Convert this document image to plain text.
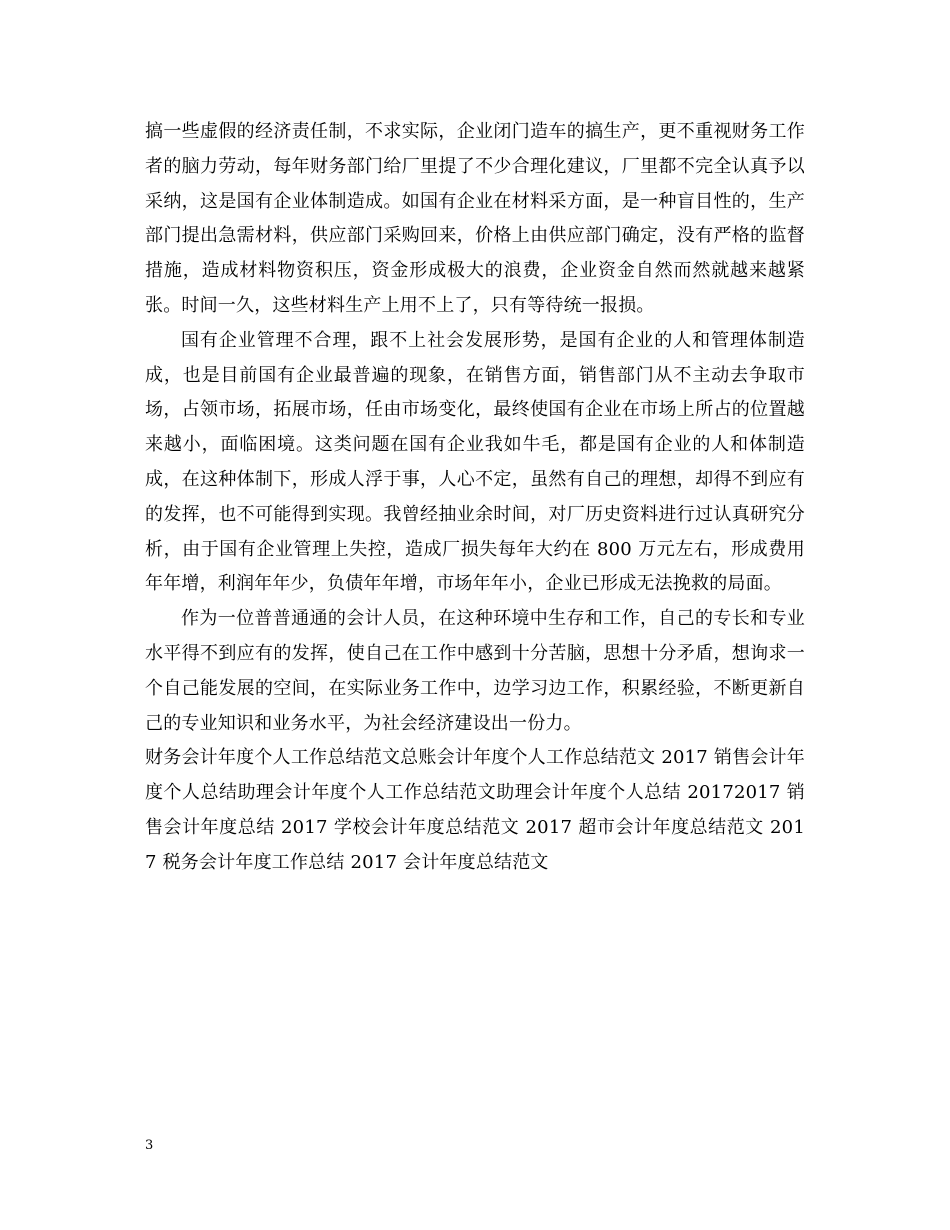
搞一些虚假的经济责任制，不求实际，企业闭门造车的搞生产，更不重视财务工作者的脑力劳动，每年财务部门给厂里提了不少合理化建议，厂里都不完全认真予以采纳，这是国有企业体制造成。如国有企业在材料采方面，是一种盲目性的，生产部门提出急需材料，供应部门采购回来，价格上由供应部门确定，没有严格的监督措施，造成材料物资积压，资金形成极大的浪费，企业资金自然而然就越来越紧张。时间一久，这些材料生产上用不上了，只有等待统一报损。

国有企业管理不合理，跟不上社会发展形势，是国有企业的人和管理体制造成，也是目前国有企业最普遍的现象，在销售方面，销售部门从不主动去争取市场，占领市场，拓展市场，任由市场变化，最终使国有企业在市场上所占的位置越来越小，面临困境。这类问题在国有企业我如牛毛，都是国有企业的人和体制造成，在这种体制下，形成人浮于事，人心不定，虽然有自己的理想，却得不到应有的发挥，也不可能得到实现。我曾经抽业余时间，对厂历史资料进行过认真研究分析，由于国有企业管理上失控，造成厂损失每年大约在 800 万元左右，形成费用年年增，利润年年少，负债年年增，市场年年小，企业已形成无法挽救的局面。

作为一位普普通通的会计人员，在这种环境中生存和工作，自己的专长和专业水平得不到应有的发挥，使自己在工作中感到十分苦脑，思想十分矛盾，想询求一个自己能发展的空间，在实际业务工作中，边学习边工作，积累经验，不断更新自己的专业知识和业务水平，为社会经济建设出一份力。

财务会计年度个人工作总结范文总账会计年度个人工作总结范文 2017 销售会计年度个人总结助理会计年度个人工作总结范文助理会计年度个人总结 20172017 销售会计年度总结 2017 学校会计年度总结范文 2017 超市会计年度总结范文 2017 税务会计年度工作总结 2017 会计年度总结范文

3
